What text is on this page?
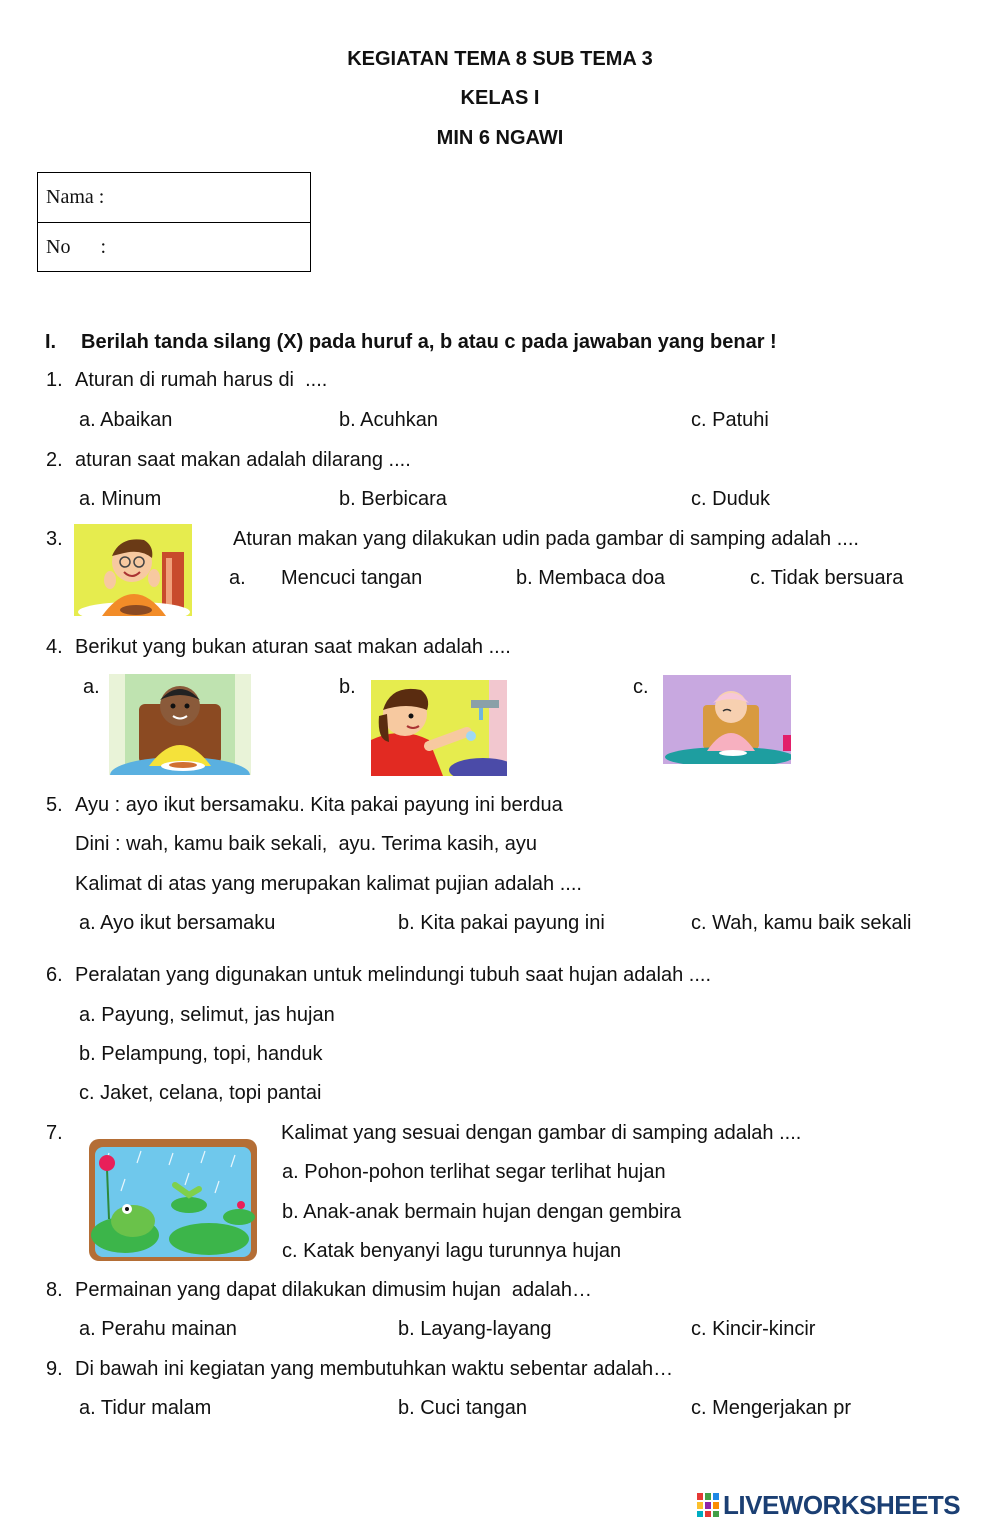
KEGIATAN TEMA 8 SUB TEMA 3
KELAS I
MIN 6 NGAWI
Nama :
No      :
I. Berilah tanda silang (X) pada huruf a, b atau c pada jawaban yang benar !
1. Aturan di rumah harus di  ....
a. Abaikan	b. Acuhkan	c. Patuhi
2. aturan saat makan adalah dilarang ....
a. Minum	b. Berbicara	c. Duduk
3.	Aturan makan yang dilakukan udin pada gambar di samping adalah ....
a. Mencuci tangan	b. Membaca doa	c. Tidak bersuara
4. Berikut yang bukan aturan saat makan adalah ....
a.	b.	c.
5. Ayu : ayo ikut bersamaku. Kita pakai payung ini berdua
Dini : wah, kamu baik sekali,  ayu. Terima kasih, ayu
Kalimat di atas yang merupakan kalimat pujian adalah ....
a. Ayo ikut bersamaku	b. Kita pakai payung ini	c. Wah, kamu baik sekali
6. Peralatan yang digunakan untuk melindungi tubuh saat hujan adalah ....
a. Payung, selimut, jas hujan
b. Pelampung, topi, handuk
c. Jaket, celana, topi pantai
7.	Kalimat yang sesuai dengan gambar di samping adalah ....
a. Pohon-pohon terlihat segar terlihat hujan
b. Anak-anak bermain hujan dengan gembira
c. Katak benyanyi lagu turunnya hujan
8. Permainan yang dapat dilakukan dimusim hujan  adalah…
a. Perahu mainan	b. Layang-layang	c. Kincir-kincir
9. Di bawah ini kegiatan yang membutuhkan waktu sebentar adalah…
a. Tidur malam	b. Cuci tangan	c. Mengerjakan pr
LIVEWORKSHEETS
